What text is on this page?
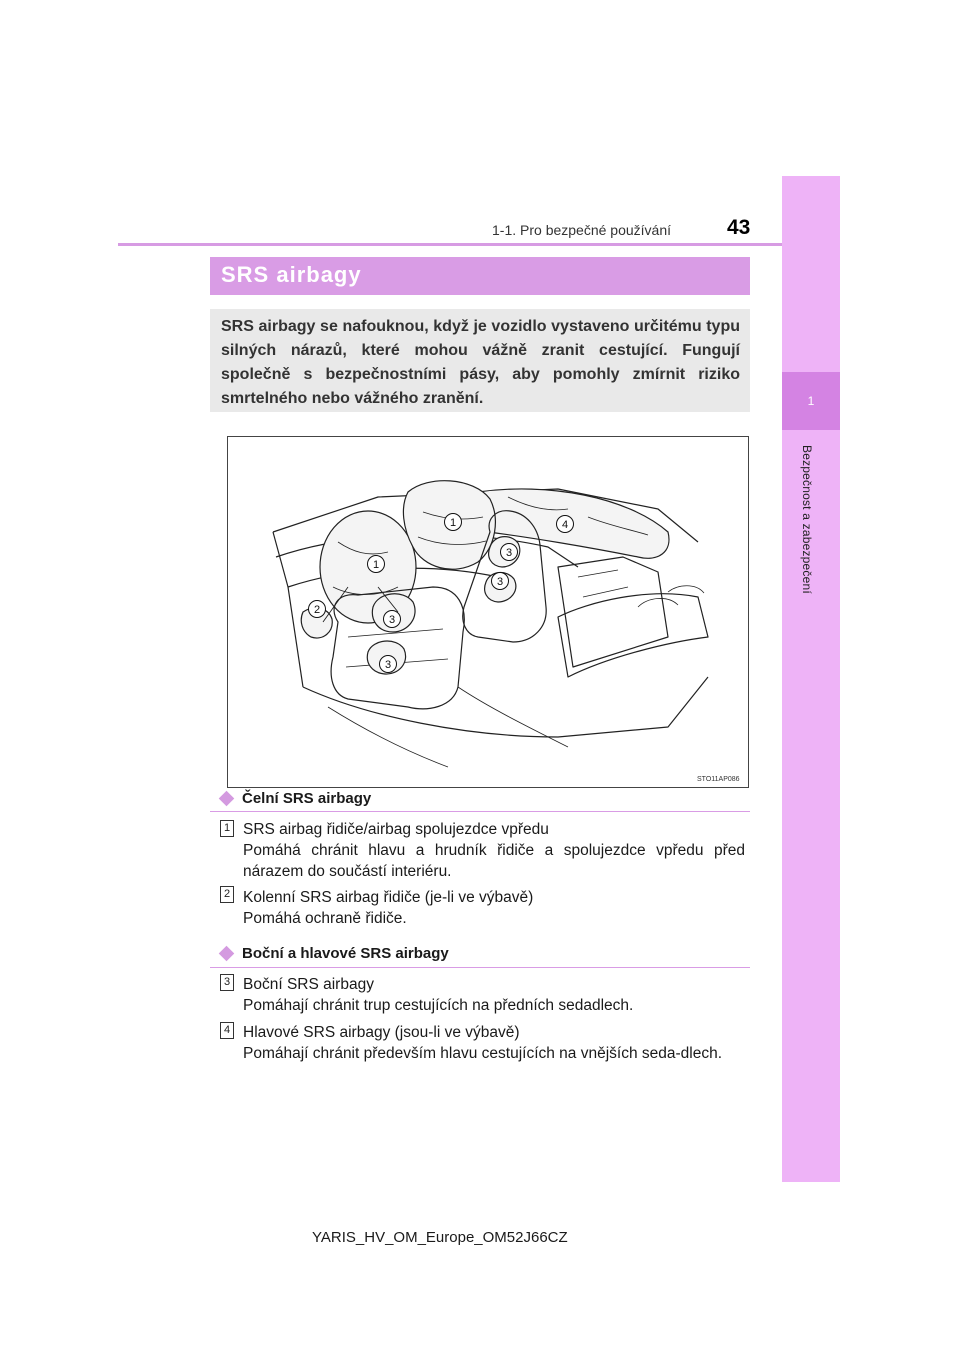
1-1. Pro bezpečné používání	43
1
Bezpečnost a zabezpečení
SRS airbagy
SRS airbagy se nafouknou, když je vozidlo vystaveno určitému typu silných nárazů, které mohou vážně zranit cestující. Fungují společně s bezpečnostními pásy, aby pomohly zmírnit riziko smrtelného nebo vážného zranění.
1
1
2
3
3
3
3
4
STO11AP086
Čelní SRS airbagy
1 SRS airbag řidiče/airbag spolujezdce vpředu
Pomáhá chránit hlavu a hrudník řidiče a spolujezdce vpředu před nárazem do součástí interiéru.
2 Kolenní SRS airbag řidiče (je-li ve výbavě)
Pomáhá ochraně řidiče.
Boční a hlavové SRS airbagy
3 Boční SRS airbagy
Pomáhají chránit trup cestujících na předních sedadlech.
4 Hlavové SRS airbagy (jsou-li ve výbavě)
Pomáhají chránit především hlavu cestujících na vnějších seda-dlech.
YARIS_HV_OM_Europe_OM52J66CZ
